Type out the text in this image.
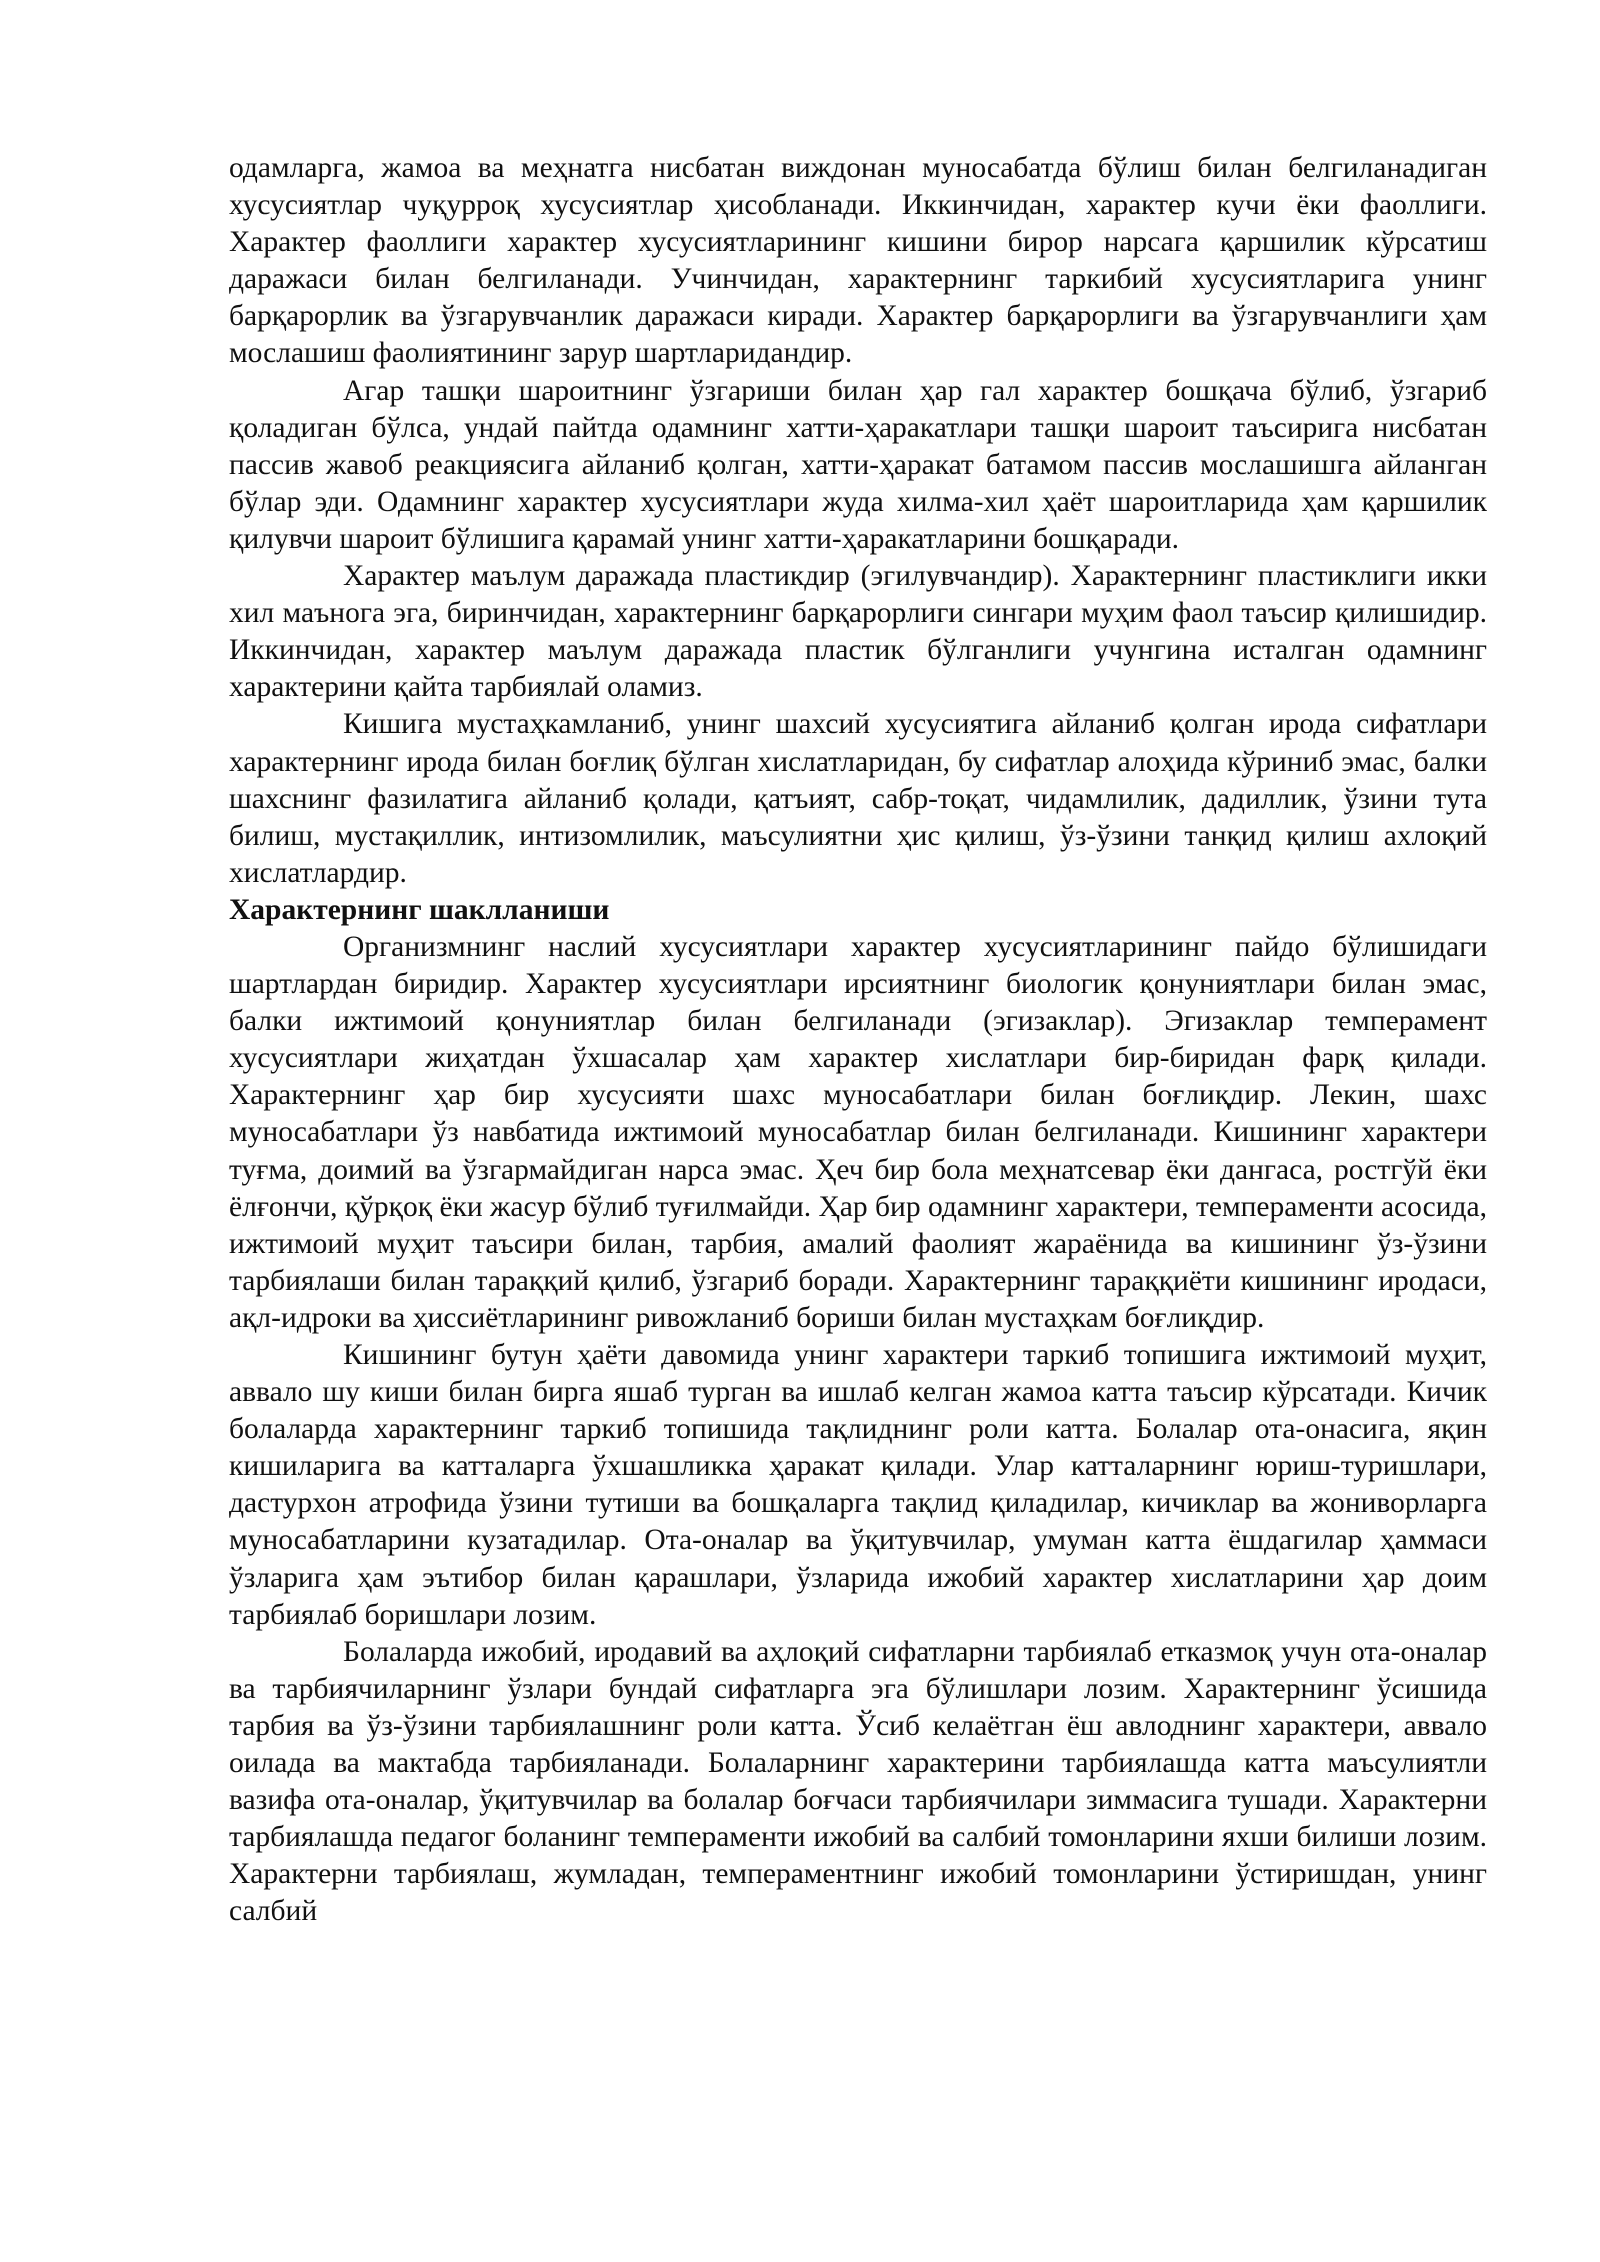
одамларга, жамоа ва меҳнатга нисбатан виждонан муносабатда бўлиш билан белгиланадиган хусусиятлар чуқурроқ хусусиятлар ҳисобланади. Иккинчидан, характер кучи ёки фаоллиги. Характер фаоллиги характер хусусиятларининг кишини бирор нарсага қаршилик кўрсатиш даражаси билан белгиланади. Учинчидан, характернинг таркибий хусусиятларига унинг барқарорлик ва ўзгарувчанлик даражаси киради. Характер барқарорлиги ва ўзгарувчанлиги ҳам мослашиш фаолиятининг зарур шартларидандир.

Агар ташқи шароитнинг ўзгариши билан ҳар гал характер бошқача бўлиб, ўзгариб қоладиган бўлса, ундай пайтда одамнинг хатти-ҳаракатлари ташқи шароит таъсирига нисбатан пассив жавоб реакциясига айланиб қолган, хатти-ҳаракат батамом пассив мослашишга айланган бўлар эди. Одамнинг характер хусусиятлари жуда хилма-хил ҳаёт шароитларида ҳам қаршилик қилувчи шароит бўлишига қарамай унинг хатти-ҳаракатларини бошқаради.

Характер маълум даражада пластикдир (эгилувчандир). Характернинг пластиклиги икки хил маънога эга, биринчидан, характернинг барқарорлиги сингари муҳим фаол таъсир қилишидир. Иккинчидан, характер маълум даражада пластик бўлганлиги учунгина исталган одамнинг характерини қайта тарбиялай оламиз.

Кишига мустаҳкамланиб, унинг шахсий хусусиятига айланиб қолган ирода сифатлари характернинг ирода билан боғлиқ бўлган хислатларидан, бу сифатлар алоҳида кўриниб эмас, балки шахснинг фазилатига айланиб қолади, қатъият, сабр-тоқат, чидамлилик, дадиллик, ўзини тута билиш, мустақиллик, интизомлилик, маъсулиятни ҳис қилиш, ўз-ўзини танқид қилиш ахлоқий хислатлардир.

Характернинг шаклланиши

Организмнинг наслий хусусиятлари характер хусусиятларининг пайдо бўлишидаги шартлардан биридир. Характер хусусиятлари ирсиятнинг биологик қонуниятлари билан эмас, балки ижтимоий қонуниятлар билан белгиланади (эгизаклар). Эгизаклар темперамент хусусиятлари жиҳатдан ўхшасалар ҳам характер хислатлари бир-биридан фарқ қилади. Характернинг ҳар бир хусусияти шахс муносабатлари билан боғлиқдир. Лекин, шахс муносабатлари ўз навбатида ижтимоий муносабатлар билан белгиланади. Кишининг характери туғма, доимий ва ўзгармайдиган нарса эмас. Ҳеч бир бола меҳнатсевар ёки дангаса, ростгўй ёки ёлғончи, қўрқоқ ёки жасур бўлиб туғилмайди. Ҳар бир одамнинг характери, темпераменти асосида, ижтимоий муҳит таъсири билан, тарбия, амалий фаолият жараёнида ва кишининг ўз-ўзини тарбиялаши билан тараққий қилиб, ўзгариб боради. Характернинг тараққиёти кишининг иродаси, ақл-идроки ва ҳиссиётларининг ривожланиб бориши билан мустаҳкам боғлиқдир.

Кишининг бутун ҳаёти давомида унинг характери таркиб топишига ижтимоий муҳит, аввало шу киши билан бирга яшаб турган ва ишлаб келган жамоа катта таъсир кўрсатади. Кичик болаларда характернинг таркиб топишида тақлиднинг роли катта. Болалар ота-онасига, яқин кишиларига ва катталарга ўхшашликка ҳаракат қилади. Улар катталарнинг юриш-туришлари, дастурхон атрофида ўзини тутиши ва бошқаларга тақлид қиладилар, кичиклар ва жониворларга муносабатларини кузатадилар. Ота-оналар ва ўқитувчилар, умуман катта ёшдагилар ҳаммаси ўзларига ҳам эътибор билан қарашлари, ўзларида ижобий характер хислатларини ҳар доим тарбиялаб боришлари лозим.

Болаларда ижобий, иродавий ва аҳлоқий сифатларни тарбиялаб етказмоқ учун ота-оналар ва тарбиячиларнинг ўзлари бундай сифатларга эга бўлишлари лозим. Характернинг ўсишида тарбия ва ўз-ўзини тарбиялашнинг роли катта. Ўсиб келаётган ёш авлоднинг характери, аввало оилада ва мактабда тарбияланади. Болаларнинг характерини тарбиялашда катта маъсулиятли вазифа ота-оналар, ўқитувчилар ва болалар боғчаси тарбиячилари зиммасига тушади. Характерни тарбиялашда педагог боланинг темпераменти ижобий ва салбий томонларини яхши билиши лозим. Характерни тарбиялаш, жумладан, темпераментнинг ижобий томонларини ўстиришдан, унинг салбий
